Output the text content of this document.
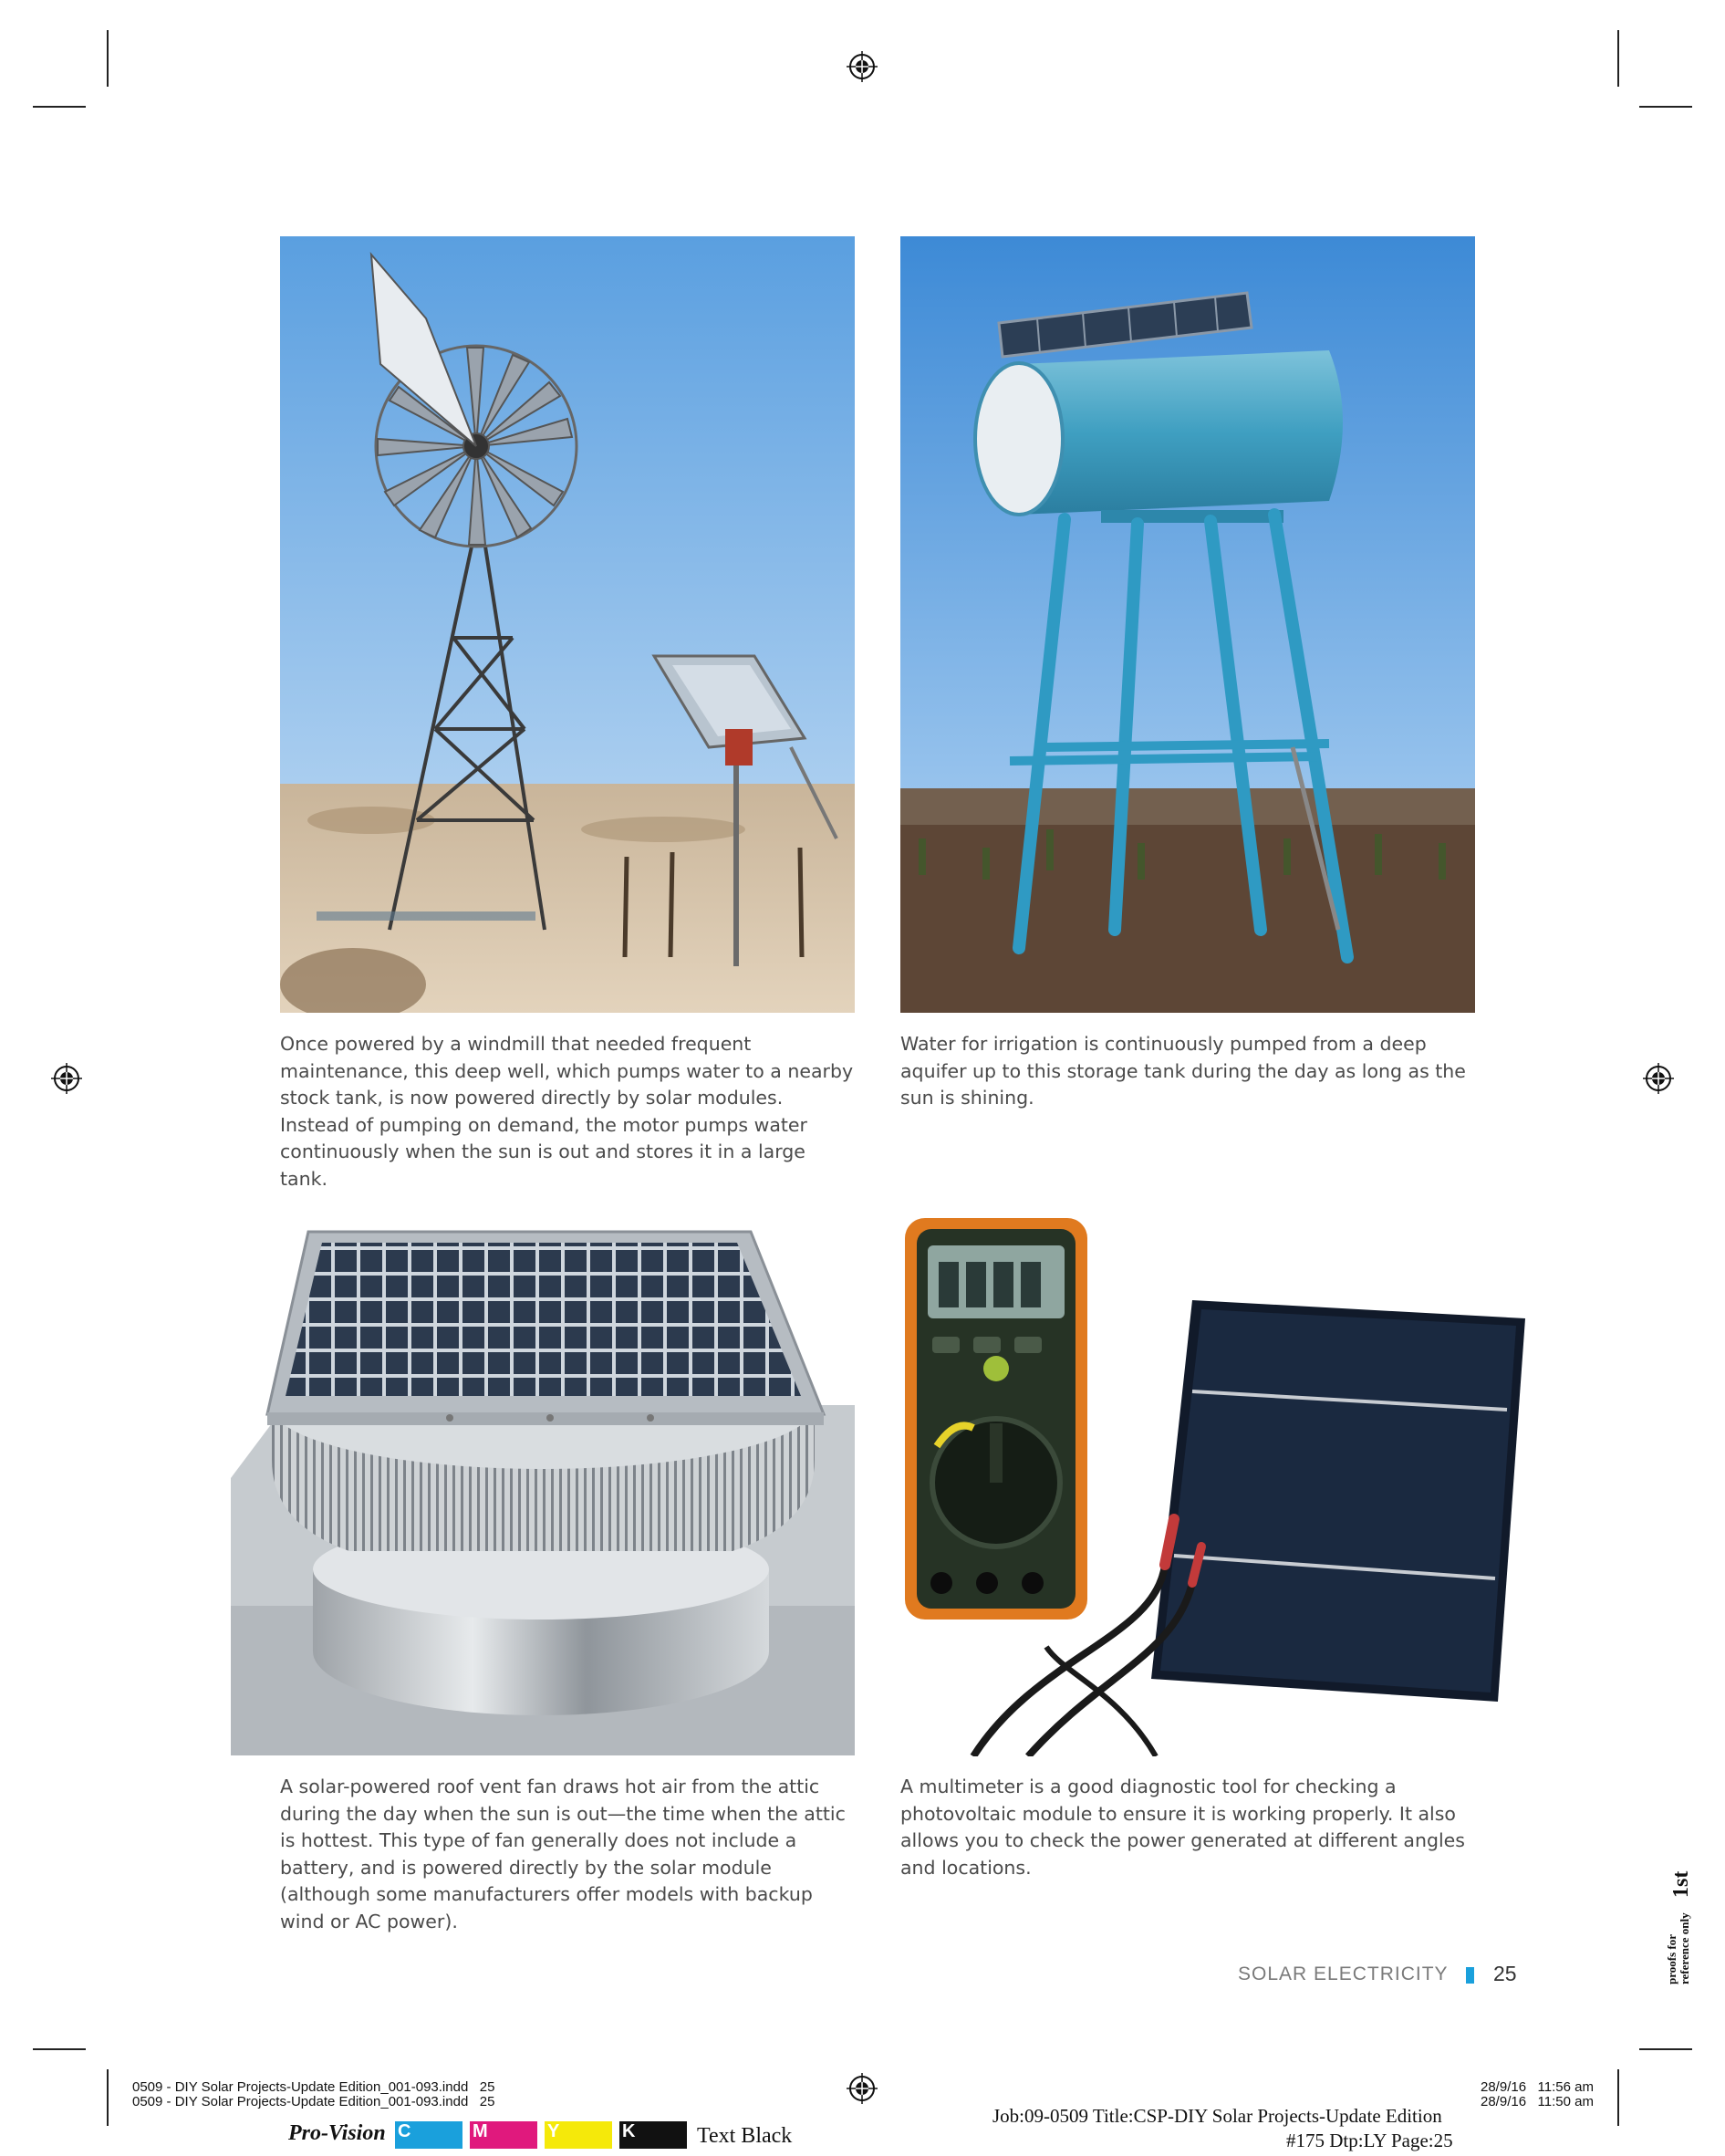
Once powered by a windmill that needed frequent maintenance, this deep well, which pumps water to a nearby stock tank, is now powered directly by solar modules. Instead of pumping on demand, the motor pumps water continuously when the sun is out and stores it in a large tank.
Water for irrigation is continuously pumped from a deep aquifer up to this storage tank during the day as long as the sun is shining.
A solar-powered roof vent fan draws hot air from the attic during the day when the sun is out—the time when the attic is hottest. This type of fan generally does not include a battery, and is powered directly by the solar module (although some manufacturers offer models with backup wind or AC power).
A multimeter is a good diagnostic tool for checking a photovoltaic module to ensure it is working properly. It also allows you to check the power generated at different angles and locations.
SOLAR ELECTRICITY 25
1st
proofs for reference only
0509 - DIY Solar Projects-Update Edition_001-093.indd   25
0509 - DIY Solar Projects-Update Edition_001-093.indd   25
28/9/16   11:56 am
28/9/16   11:50 am
Pro-Vision C	M	Y	K	Text Black
Job:09-0509 Title:CSP-DIY Solar Projects-Update Edition
#175 Dtp:LY Page:25
